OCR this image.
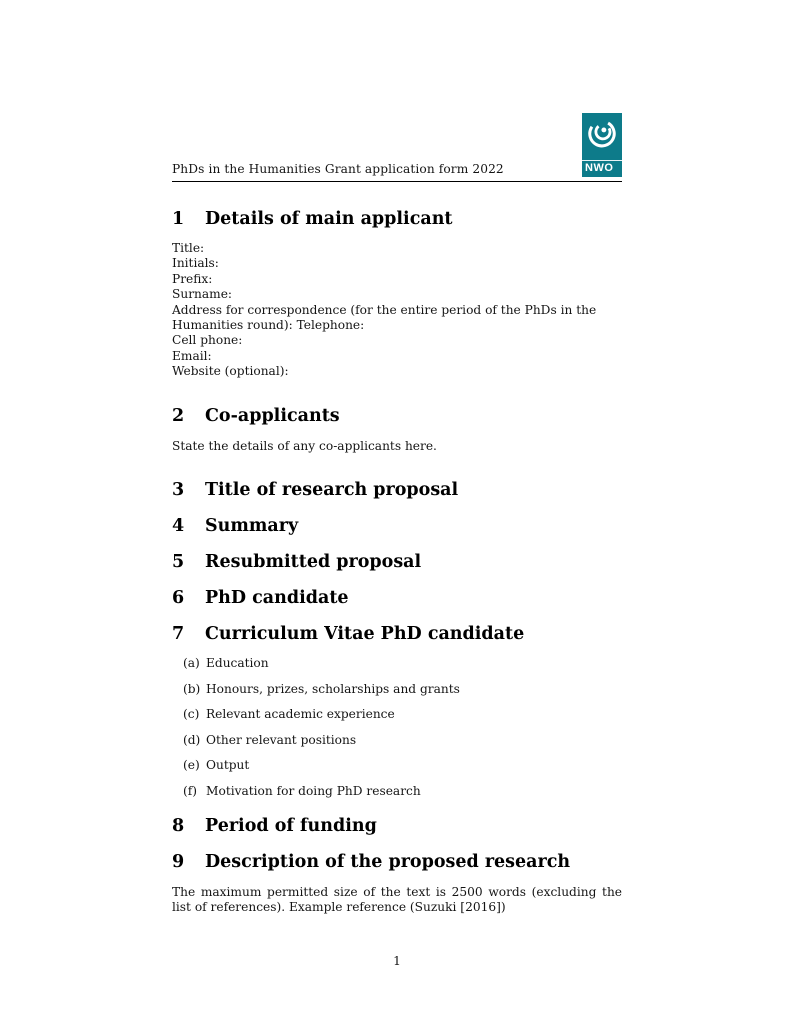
PhDs in the Humanities Grant application form 2022	NWO
1	Details of main applicant
Title:
Initials:
Prefix:
Surname:
Address for correspondence (for the entire period of the PhDs in the Humanities round): Telephone:
Cell phone:
Email:
Website (optional):
2	Co-applicants

State the details of any co-applicants here.

3	Title of research proposal
4	Summary
5	Resubmitted proposal
6	PhD candidate
7	Curriculum Vitae PhD candidate
(a) Education
(b) Honours, prizes, scholarships and grants
(c) Relevant academic experience
(d) Other relevant positions
(e) Output
(f) Motivation for doing PhD research
8	Period of funding
9	Description of the proposed research

The maximum permitted size of the text is 2500 words (excluding the list of references). Example reference (Suzuki [2016])

1
